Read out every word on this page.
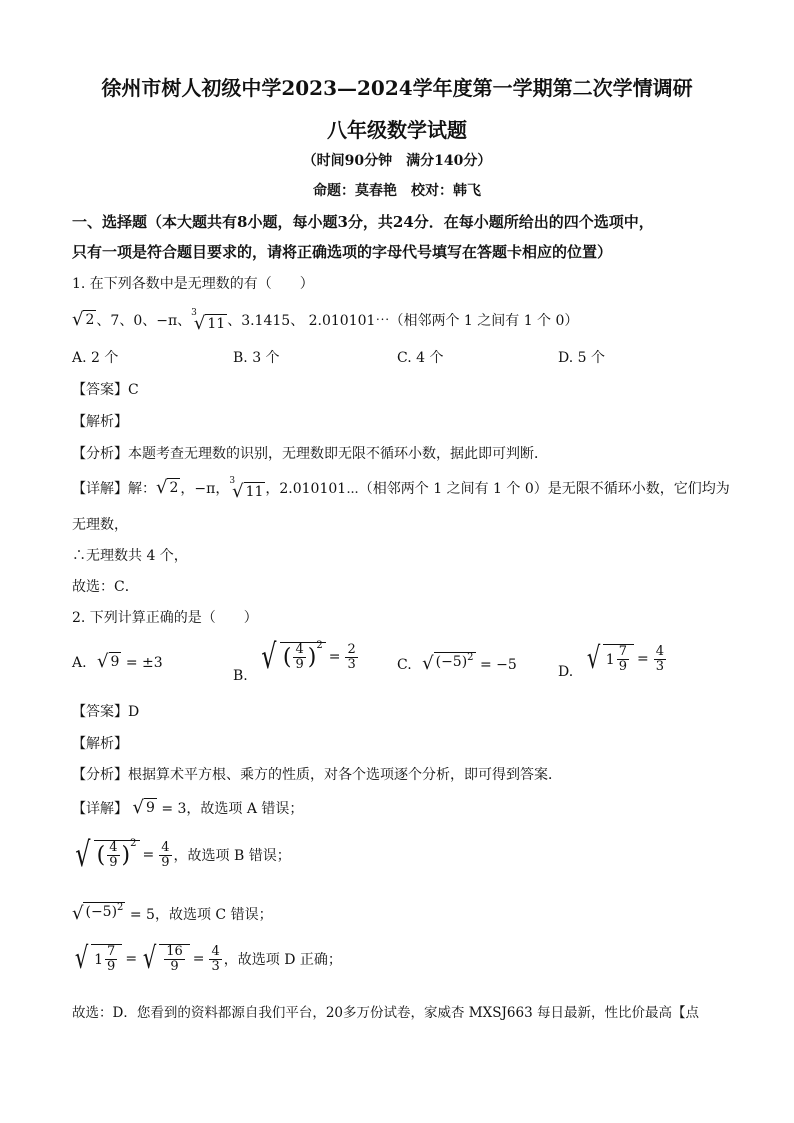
徐州市树人初级中学2023—2024学年度第一学期第二次学情调研
八年级数学试题
（时间90分钟　满分140分）
命题：莫春艳　校对：韩飞
一、选择题（本大题共有8小题，每小题3分，共24分．在每小题所给出的四个选项中，
只有一项是符合题目要求的，请将正确选项的字母代号填写在答题卡相应的位置）
1. 在下列各数中是无理数的有（　　）
√ 2 、7、0、−π、 3
√ 11 、3.1415、 2.010101⋯（相邻两个 1 之间有 1 个 0）
A. 2 个	B. 3 个	C. 4 个	D. 5 个
【答案】C
【解析】
【分析】本题考查无理数的识别，无理数即无限不循环小数，据此即可判断．
【详解】解： √ 2 ，−π， 3
√ 11 ，2.010101⋯（相邻两个 1 之间有 1 个 0）是无限不循环小数，它们均为
无理数，
∴无理数共 4 个，
故选：C．
2. 下列计算正确的是（　　）
A. √ 9 = ±3
B. √ ( $\frac{4}{9}$ ) 2
= $\frac{2}{3}$	C. √ $(-5)^2 = -5$	D. √ $1 \frac{7}{9} = \frac{4}{3}$
【答案】D
【解析】
【分析】根据算术平方根、乘方的性质，对各个选项逐个分析，即可得到答案．
【详解】 √ 9 = 3，故选项 A 错误；
√ ( $\frac{4}{9}$ ) 2
= $\frac{4}{9}$ ，故选项 B 错误；
√ $(-5)^2 = 5$，故选项 C 错误；
√ $1 \frac{7}{9}$ = √ $\frac{16}{9} = \frac{4}{3}$ ，故选项 D 正确；
故选：D．您看到的资料都源自我们平台，20多万份试卷，家威杏 MXSJ663 每日最新，性比价最高【点
